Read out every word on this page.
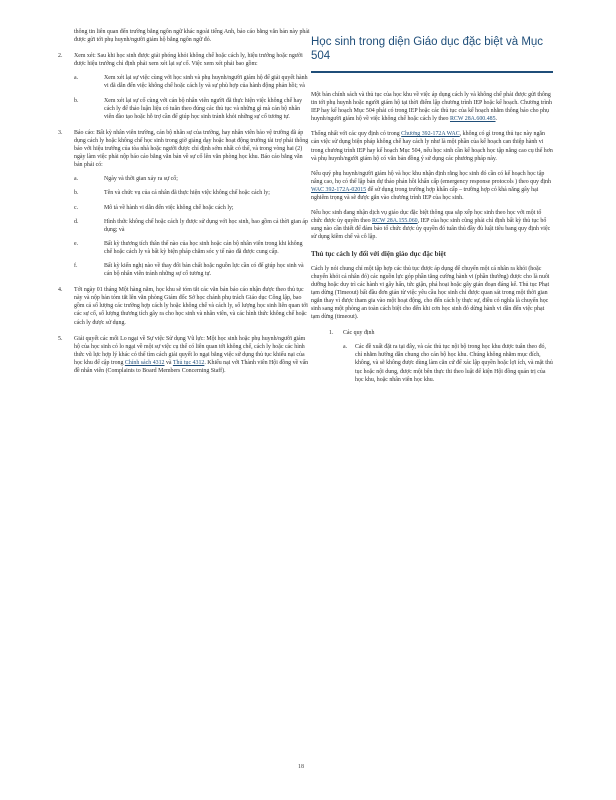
thông tin liên quan đến trường bằng ngôn ngữ khác ngoài tiếng Anh, bảo cáo bằng văn bản này phải được gửi tới phụ huynh/người giám hộ bằng ngôn ngữ đó.

2. Xem xét: Sau khi học sinh được giải phóng khỏi không chế hoặc cách ly, hiệu trưởng hoặc người được hiệu trưởng chỉ định phải xem xét lại sự cố. Việc xem xét phải bao gồm:

a.	Xem xét lại sự việc cùng với học sinh và phụ huynh/người giám hộ để giải quyết hành vi đã dẫn đến việc không chế hoặc cách ly và sự phù hợp của hành động phản hồi; và

b.	Xem xét lại sự cố cùng với cán bộ nhân viên người đã thực hiện việc không chế hay cách ly để thảo luận liệu có tuân theo đúng các thủ tục và những gì mà cán bộ nhân viên đào tạo hoặc hỗ trợ cần để giúp học sinh tránh khỏi những sự cố tương tự.

3. Báo cáo: Bất kỳ nhân viên trường, cán bộ nhân sự của trường, hay nhân viên bảo vệ trường đã áp dụng cách ly hoặc không chế học sinh trong giờ giảng dạy hoặc hoạt động trường tài trợ phải thông báo với hiệu trưởng của tòa nhà hoặc người được chỉ định sớm nhất có thể, và trong vòng hai (2) ngày làm việc phải nộp báo cáo bằng văn bản về sự cố lên văn phòng học khu. Báo cáo bằng văn bản phải có:

a.	Ngày và thời gian xảy ra sự cố;

b.	Tên và chức vụ của cá nhân đã thực hiện việc không chế hoặc cách ly;

c.	Mô tả về hành vi dẫn đến việc không chế hoặc cách ly;

d.	Hình thức không chế hoặc cách ly được sử dụng với học sinh, bao gồm cả thời gian áp dụng; và

e.	Bất kỳ thương tích thân thể nào của học sinh hoặc cán bộ nhân viên trong khi không chế hoặc cách ly và bất kỳ biện pháp chăm sóc y tế nào đã được cung cấp.

f.	Bất kỳ kiến nghị nào về thay đổi bản chất hoặc nguồn lực cần có để giúp học sinh và cán bộ nhân viên tránh những sự cố tương tự.

4. Tới ngày 01 tháng Một hàng năm, học khu sẽ tóm tắt các văn bản báo cáo nhận được theo thủ tục này và nộp bản tóm tắt lên văn phòng Giám đốc Sở học chánh phụ trách Giáo dục Công lập, bao gồm cả số lượng các trường hợp cách ly hoặc không chế và cách ly, số lượng học sinh liên quan tới các sự cố, số lượng thương tích gây ra cho học sinh và nhân viên, và các hình thức không chế hoặc cách ly được sử dụng.

5. Giải quyết các mối Lo ngại về Sự việc Sử dụng Vũ lực: Một học sinh hoặc phụ huynh/người giám hộ của học sinh có lo ngại về một sự việc cụ thể có liên quan tới không chế, cách ly hoặc các hình thức vũ lực hợp lý khác có thể tìm cách giải quyết lo ngại bằng việc sử dụng thủ tục khiếu nại của học khu để cập trong Chính sách 4312 và Thủ tục 4312. Khiếu nại với Thành viên Hội đồng về vấn đề nhân viên (Complaints to Board Members Concerning Staff).

Học sinh trong diện Giáo dục đặc biệt và Mục 504

Một bản chính sách và thủ tục của học khu về việc áp dụng cách ly và không chế phải được gửi thông tin tới phụ huynh hoặc người giám hộ tại thời điểm lập chương trình IEP hoặc kế hoạch. Chương trình IEP hay kế hoạch Mục 504 phải có trong IEP hoặc các thủ tục của kế hoạch nhằm thông báo cho phụ huynh/người giám hộ về việc không chế hoặc cách ly theo RCW 28A.600.485.

Thống nhất với các quy định có trong Chương 392-172A WAC, không có gì trong thủ tục này ngăn cản việc sử dụng biện pháp không chế hay cách ly như là một phần của kế hoạch can thiệp hành vi trong chương trình IEP hay kế hoạch Mục 504, nếu học sinh cần kế hoạch học tập năng cao cụ thể hơn và phụ huynh/người giám hộ có văn bản đồng ý sử dụng các phương pháp này.

Nếu quý phụ huynh/người giám hộ và học khu nhận định rằng học sinh đó cần có kế hoạch học tập nâng cao, họ có thể lập bản dự thảo phản hồi khẩn cấp (emergency response protocols ) theo quy định WAC 392-172A-02015 để sử dụng trong trường hợp khẩn cấp – trường hợp có khả năng gây hại nghiêm trọng và sẽ được gắn vào chương trình IEP của học sinh.

Nếu học sinh đang nhận dịch vụ giáo dục đặc biệt thông qua sắp xếp học sinh theo học với một tổ chức được ủy quyền theo RCW 28A.155.060, IEP của học sinh cũng phải chỉ định bất kỳ thủ tục bổ sung nào cần thiết để đảm bảo tổ chức được ủy quyền đó tuân thủ đầy đủ luật tiêu bang quy định việc sử dụng kiềm chế và cô lập.

Thủ tục cách ly đối với diện giáo dục đặc biệt

Cách ly nói chung chỉ một tập hợp các thủ tục được áp dụng để chuyển một cá nhân ra khỏi (hoặc chuyển khỏi cá nhân đó) các nguồn lực góp phần tăng cường hành vi (phần thưởng) được cho là nuôi dưỡng hoặc duy trì các hành vi gây hấn, tức giận, phá hoại hoặc gây gián đoạn đáng kể. Thủ tục Phạt tạm dừng (Timeout) bất đầu đơn giản từ việc yêu cầu học sinh chỉ được quan sát trong một thời gian ngắn thay vì được tham gia vào một hoạt động, cho đến cách ly thực sự, điều có nghĩa là chuyển học sinh sang một phòng an toàn cách biệt cho đến khi cơn học sinh đó dừng hành vi dẫn đến việc phạt tạm dừng (timeout).

1. Các quy định

a. Các đề xuất đặt ra tại đây, và các thủ tục nội bộ trong học khu được tuân theo đó, chỉ nhằm hướng dẫn chung cho cán bộ học khu. Chúng không nhằm mục đích, không, và sẽ không được dùng làm căn cứ để xác lập quyền hoặc lợi ích, và mặt thủ tục hoặc nội dung, được một bên thực thi theo luật để kiện Hội đồng quản trị của học khu, hoặc nhân viên học khu.

18
